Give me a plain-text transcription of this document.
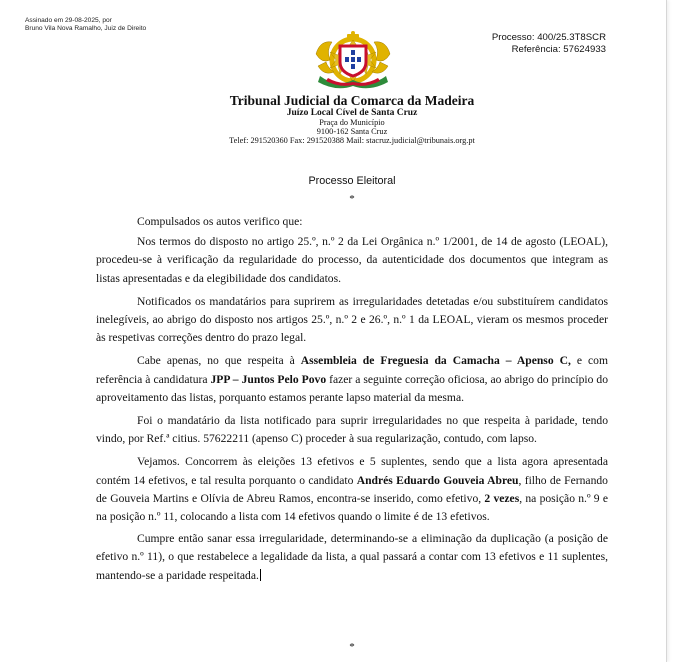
Assinado em 29-08-2025, por
Bruno Vila Nova Ramalho, Juiz de Direito
Processo: 400/25.3T8SCR
Referência: 57624933
Tribunal Judicial da Comarca da Madeira
Juízo Local Cível de Santa Cruz
Praça do Município
9100-162 Santa Cruz
Telef: 291520360 Fax: 291520388 Mail: stacruz.judicial@tribunais.org.pt
Processo Eleitoral
*

Compulsados os autos verifico que:

Nos termos do disposto no artigo 25.º, n.º 2 da Lei Orgânica n.º 1/2001, de 14 de agosto (LEOAL), procedeu-se à verificação da regularidade do processo, da autenticidade dos documentos que integram as listas apresentadas e da elegibilidade dos candidatos.

Notificados os mandatários para suprirem as irregularidades detetadas e/ou substituírem candidatos inelegíveis, ao abrigo do disposto nos artigos 25.º, n.º 2 e 26.º, n.º 1 da LEOAL, vieram os mesmos proceder às respetivas correções dentro do prazo legal.

Cabe apenas, no que respeita à Assembleia de Freguesia da Camacha – Apenso C, e com referência à candidatura JPP – Juntos Pelo Povo fazer a seguinte correção oficiosa, ao abrigo do princípio do aproveitamento das listas, porquanto estamos perante lapso material da mesma.

Foi o mandatário da lista notificado para suprir irregularidades no que respeita à paridade, tendo vindo, por Ref.ª citius. 57622211 (apenso C) proceder à sua regularização, contudo, com lapso.

Vejamos. Concorrem às eleições 13 efetivos e 5 suplentes, sendo que a lista agora apresentada contém 14 efetivos, e tal resulta porquanto o candidato Andrés Eduardo Gouveia Abreu, filho de Fernando de Gouveia Martins e Olívia de Abreu Ramos, encontra-se inserido, como efetivo, 2 vezes, na posição n.º 9 e na posição n.º 11, colocando a lista com 14 efetivos quando o limite é de 13 efetivos.

Cumpre então sanar essa irregularidade, determinando-se a eliminação da duplicação (a posição de efetivo n.º 11), o que restabelece a legalidade da lista, a qual passará a contar com 13 efetivos e 11 suplentes, mantendo-se a paridade respeitada.

*
